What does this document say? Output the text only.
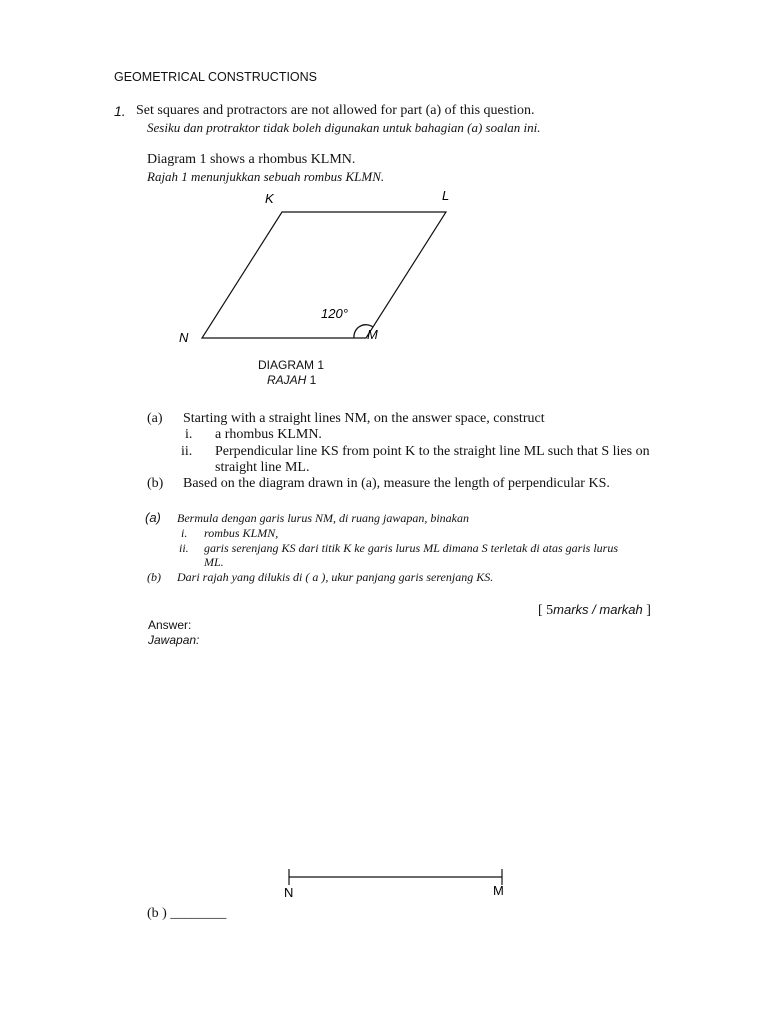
GEOMETRICAL CONSTRUCTIONS
1. Set squares and protractors are not allowed for part (a) of this question.
Sesiku dan protraktor tidak boleh digunakan untuk bahagian (a) soalan ini.
Diagram 1 shows a rhombus KLMN.
Rajah 1 menunjukkan sebuah rombus KLMN.
K	L
M
N
120°
DIAGRAM 1
RAJAH 1
(a) Starting with a straight lines NM, on the answer space, construct
i. a rhombus KLMN.
ii. Perpendicular line KS from point K to the straight line ML such that S lies on
straight line ML.
(b) Based on the diagram drawn in (a), measure the length of perpendicular KS.
(a) Bermula dengan garis lurus NM, di ruang jawapan, binakan
i. rombus KLMN,
ii. garis serenjang KS dari titik K ke garis lurus ML dimana S terletak di atas garis lurus
ML.
(b) Dari rajah yang dilukis di ( a ), ukur panjang garis serenjang KS.
[ 5marks / markah ]
Answer:
Jawapan:
N	M
(b ) ________
